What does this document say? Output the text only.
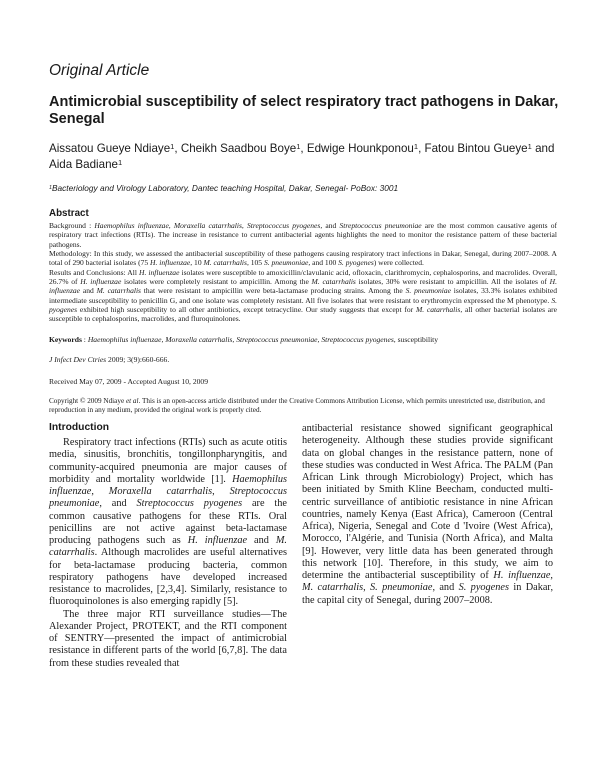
Original Article
Antimicrobial susceptibility of select respiratory tract pathogens in Dakar, Senegal
Aissatou Gueye Ndiaye$^1$, Cheikh Saadbou Boye$^1$, Edwige Hounkponou$^1$, Fatou Bintou Gueye$^1$ and Aida Badiane$^1$
$^1$Bacteriology and Virology Laboratory, Dantec teaching Hospital, Dakar, Senegal- PoBox: 3001
Abstract

Background : Haemophilus influenzae, Moraxella catarrhalis, Streptococcus pyogenes, and Streptococcus pneumoniae are the most common causative agents of respiratory tract infections (RTIs). The increase in resistance to current antibacterial agents highlights the need to monitor the resistance pattern of these bacterial pathogens.

Methodology: In this study, we assessed the antibacterial susceptibility of these pathogens causing respiratory tract infections in Dakar, Senegal, during 2007–2008. A total of 290 bacterial isolates (75 H. influenzae, 10 M. catarrhalis, 105 S. pneumoniae, and 100 S. pyogenes) were collected.

Results and Conclusions: All H. influenzae isolates were susceptible to amoxicillin/clavulanic acid, ofloxacin, clarithromycin, cephalosporins, and macrolides. Overall, 26.7% of H. influenzae isolates were completely resistant to ampicillin. Among the M. catarrhalis isolates, 30% were resistant to ampicillin. All the isolates of H. influenzae and M. catarrhalis that were resistant to ampicillin were beta-lactamase producing strains. Among the S. pneumoniae isolates, 33.3% isolates exhibited intermediate susceptibility to penicillin G, and one isolate was completely resistant. All five isolates that were resistant to erythromycin expressed the M phenotype. S. pyogenes exhibited high susceptibility to all other antibiotics, except tetracycline. Our study suggests that except for M. catarrhalis, all other bacterial isolates are susceptible to cephalosporins, macrolides, and fluroquinolones.

Keywords : Haemophilus influenzae, Moraxella catarrhalis, Streptococcus pneumoniae, Streptococcus pyogenes, susceptibility
J Infect Dev Ctries 2009; 3(9):660-666.
Received May 07, 2009 - Accepted August 10, 2009
Copyright © 2009 Ndiaye et al. This is an open-access article distributed under the Creative Commons Attribution License, which permits unrestricted use, distribution, and reproduction in any medium, provided the original work is properly cited.
Introduction

Respiratory tract infections (RTIs) such as acute otitis media, sinusitis, bronchitis, tongillonpharyngitis, and community-acquired pneumonia are major causes of morbidity and mortality worldwide [1]. Haemophilus influenzae, Moraxella catarrhalis, Streptococcus pneumoniae, and Streptococcus pyogenes are the common causative pathogens for these RTIs. Oral penicillins are not active against beta-lactamase producing pathogens such as H. influenzae and M. catarrhalis. Although macrolides are useful alternatives for beta-lactamase producing bacteria, common respiratory pathogens have developed increased resistance to macrolides, [2,3,4]. Similarly, resistance to fluoroquinolones is also emerging rapidly [5].

The three major RTI surveillance studies—The Alexander Project, PROTEKT, and the RTI component of SENTRY—presented the impact of antimicrobial resistance in different parts of the world [6,7,8]. The data from these studies revealed that

antibacterial resistance showed significant geographical heterogeneity. Although these studies provide significant data on global changes in the resistance pattern, none of these studies was conducted in West Africa. The PALM (Pan African Link through Microbiology) Project, which has been initiated by Smith Kline Beecham, conducted multi-centric surveillance of antibiotic resistance in nine African countries, namely Kenya (East Africa), Cameroon (Central Africa), Nigeria, Senegal and Cote d 'Ivoire (West Africa), Morocco, l'Algérie, and Tunisia (North Africa), and Malta [9]. However, very little data has been generated through this network [10]. Therefore, in this study, we aim to determine the antibacterial susceptibility of H. influenzae, M. catarrhalis, S. pneumoniae, and S. pyogenes in Dakar, the capital city of Senegal, during 2007–2008.
